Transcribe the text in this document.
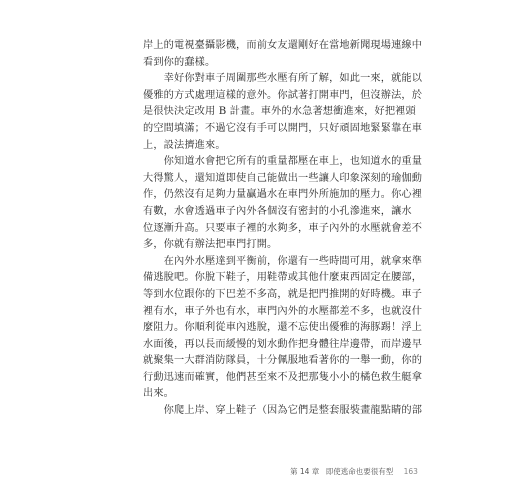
岸上的電視臺攝影機，而前女友還剛好在當地新聞現場連線中
看到你的蠢樣。
　　幸好你對車子周圍那些水壓有所了解，如此一來，就能以
優雅的方式處理這樣的意外。你試著打開車門，但沒辦法，於
是很快決定改用 B 計畫。車外的水急著想衝進來，好把裡頭
的空間填滿；不過它沒有手可以開門，只好頑固地緊緊靠在車
上，設法擠進來。
　　你知道水會把它所有的重量都壓在車上，也知道水的重量
大得驚人，還知道即使自己能做出一些讓人印象深刻的瑜伽動
作，仍然沒有足夠力量贏過水在車門外所施加的壓力。你心裡
有數，水會透過車子內外各個沒有密封的小孔滲進來，讓水
位逐漸升高。只要車子裡的水夠多，車子內外的水壓就會差不
多，你就有辦法把車門打開。
　　在內外水壓達到平衡前，你還有一些時間可用，就拿來準
備逃脫吧。你脫下鞋子，用鞋帶或其他什麼東西固定在腰部，
等到水位跟你的下巴差不多高，就是把門推開的好時機。車子
裡有水，車子外也有水，車門內外的水壓都差不多，也就沒什
麼阻力。你順利從車內逃脫，還不忘使出優雅的海豚踢！浮上
水面後，再以長而緩慢的划水動作把身體往岸邊帶，而岸邊早
就聚集一大群消防隊員，十分佩服地看著你的一舉一動，你的
行動迅速而確實，他們甚至來不及把那隻小小的橘色救生艇拿
出來。
　　你爬上岸、穿上鞋子（因為它們是整套服裝畫龍點睛的部
第 14 章 即使逃命也要很有型 163
